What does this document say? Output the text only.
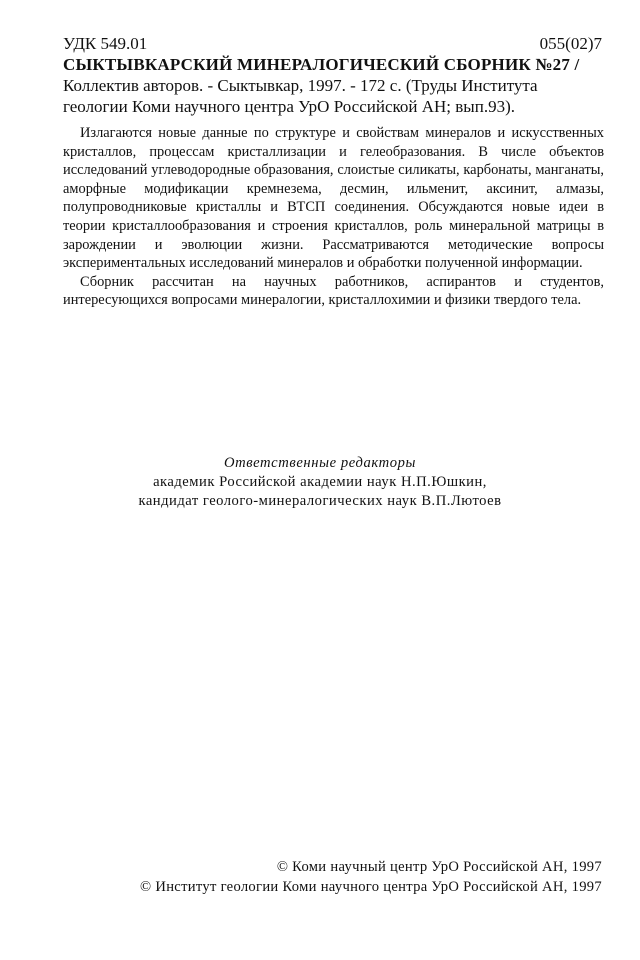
УДК 549.01	055(02)7
СЫКТЫВКАРСКИЙ МИНЕРАЛОГИЧЕСКИЙ СБОРНИК №27 / Коллектив авторов. - Сыктывкар, 1997. - 172 с. (Труды Института геологии Коми научного центра УрО Российской АН; вып.93).

Излагаются новые данные по структуре и свойствам минералов и искусственных кристаллов, процессам кристаллизации и гелеобразования. В числе объектов исследований углеводородные образования, слоистые силикаты, карбонаты, манганаты, аморфные модификации кремнезема, десмин, ильменит, аксинит, алмазы, полупроводниковые кристаллы и ВТСП соединения. Обсуждаются новые идеи в теории кристаллообразования и строения кристаллов, роль минеральной матрицы в зарождении и эволюции жизни. Рассматриваются методические вопросы экспериментальных исследований минералов и обработки полученной информации.

Сборник рассчитан на научных работников, аспирантов и студентов, интересующихся вопросами минералогии, кристаллохимии и физики твердого тела.

Ответственные редакторы
академик Российской академии наук Н.П.Юшкин,
кандидат геолого-минералогических наук В.П.Лютоев
© Коми научный центр УрО Российской АН, 1997
© Институт геологии Коми научного центра УрО Российской АН, 1997
